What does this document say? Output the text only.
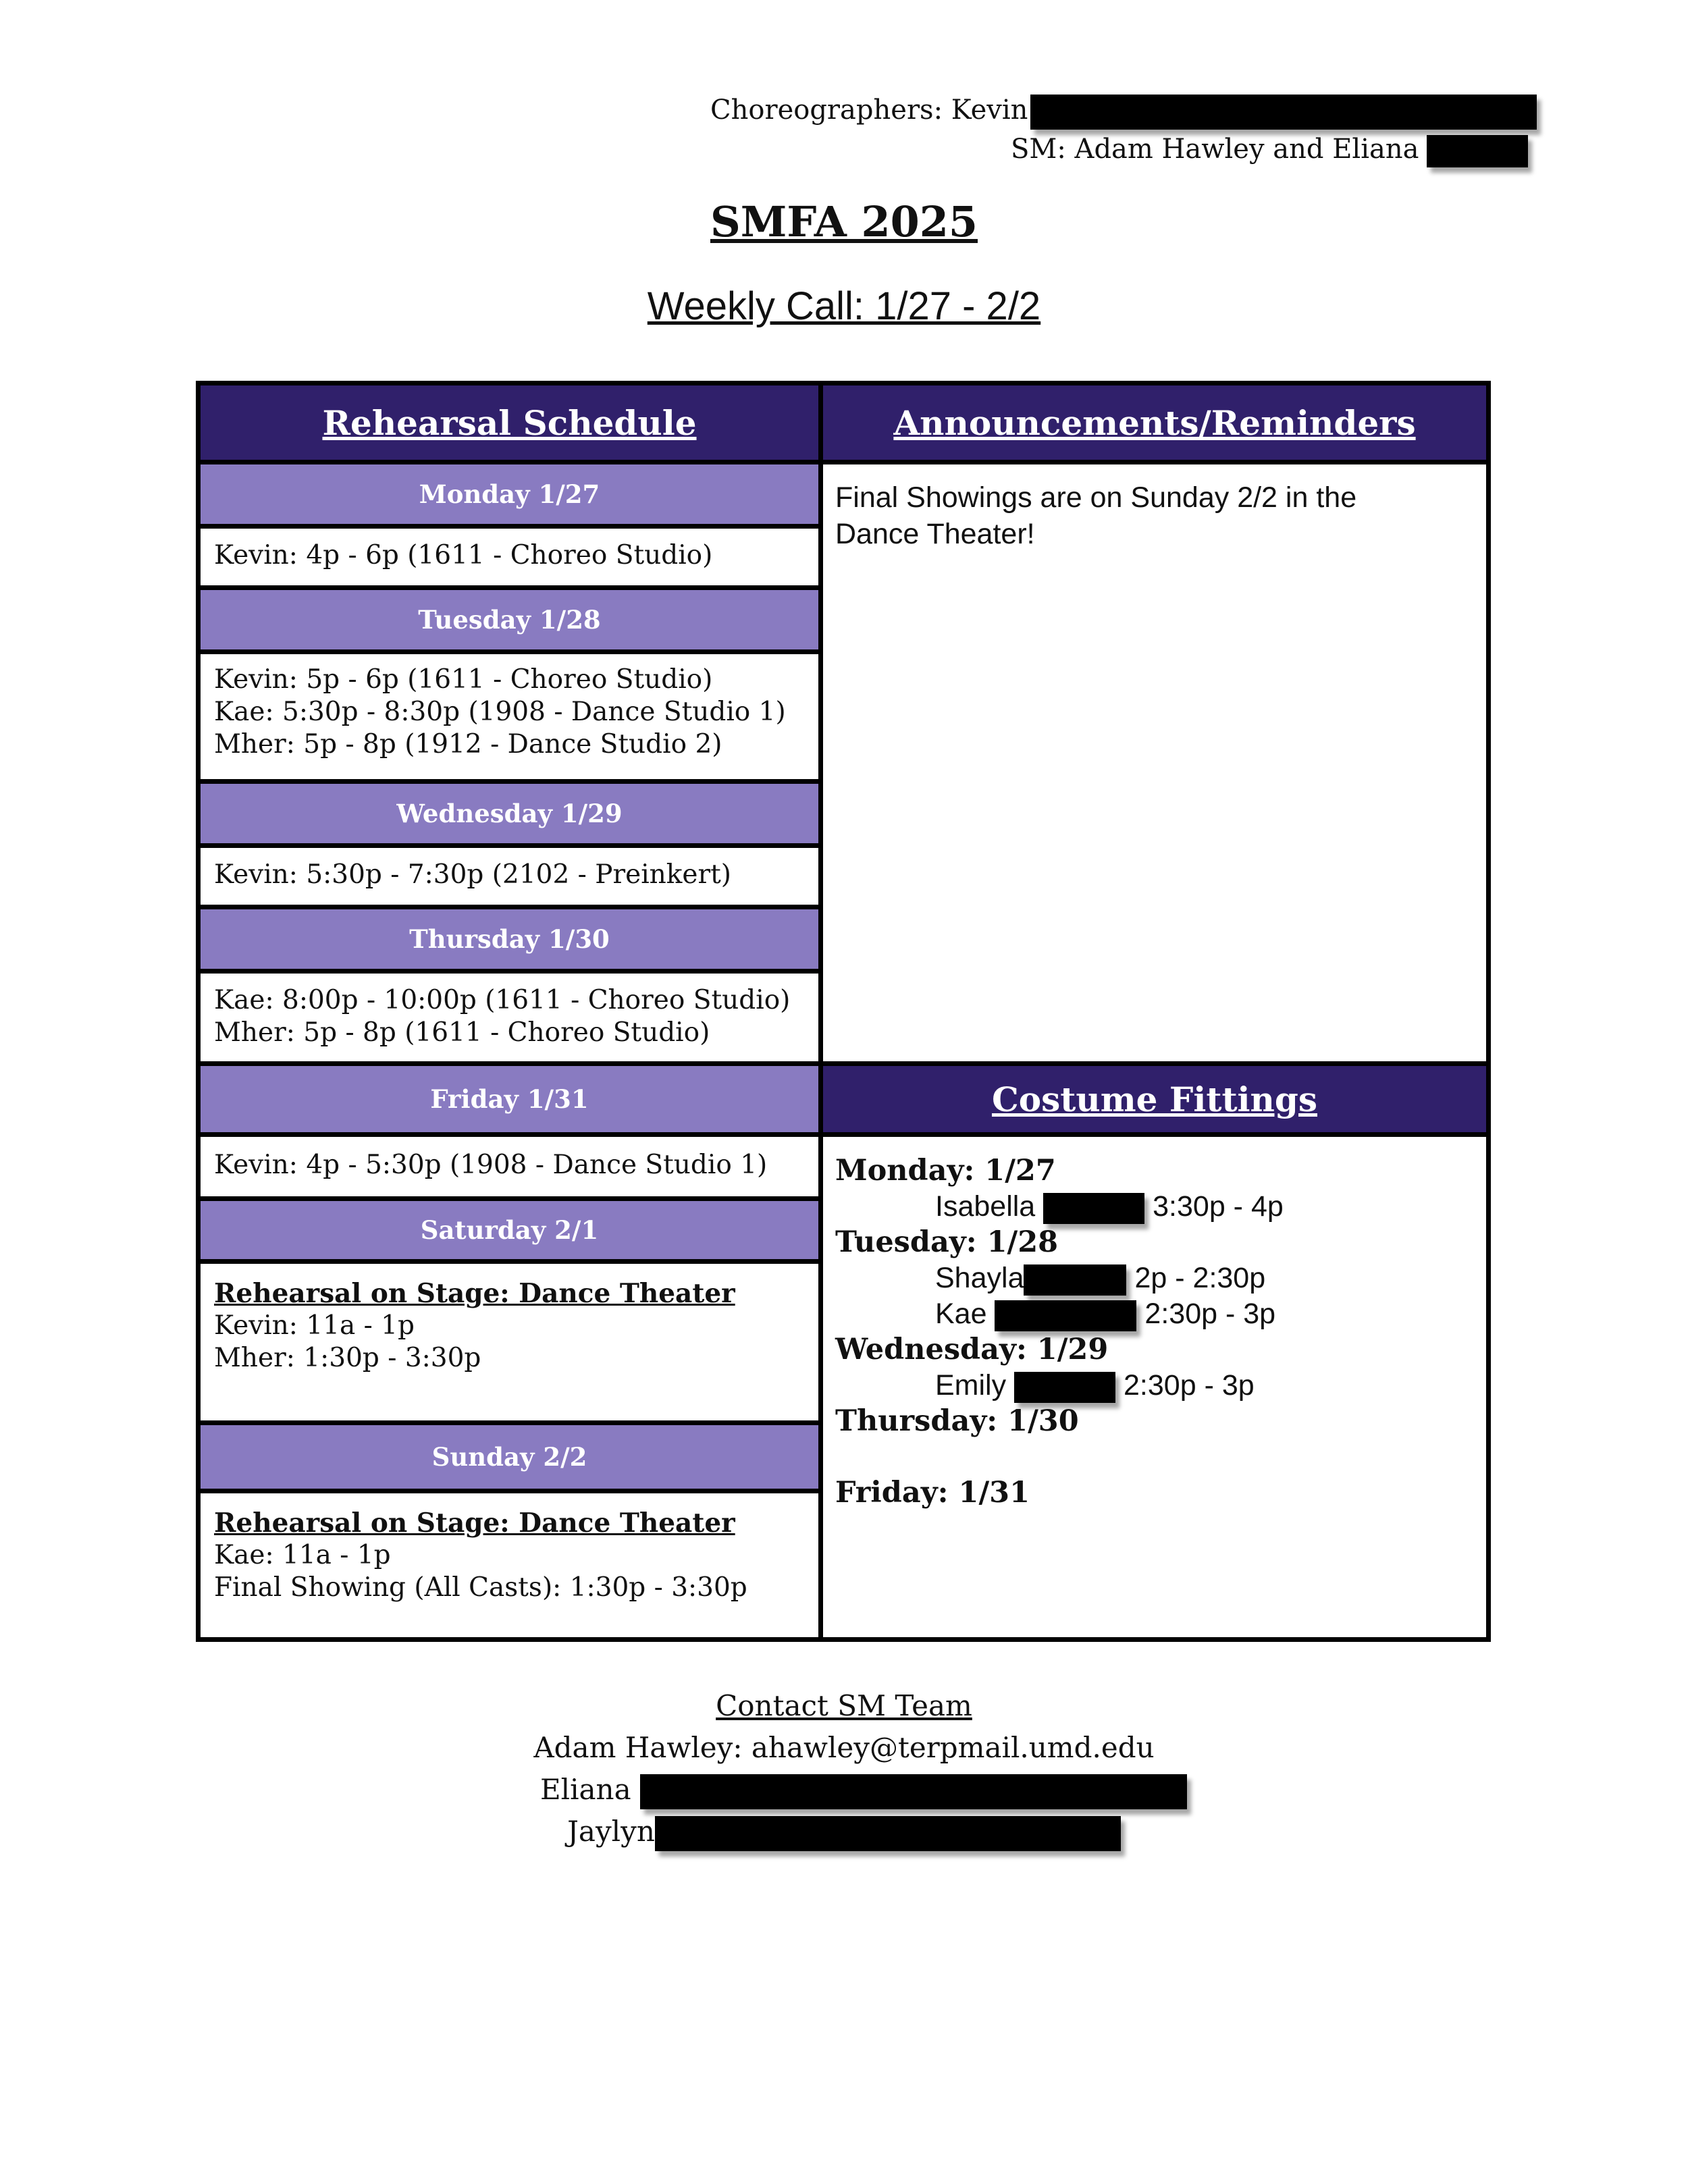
Choreographers: Kevin
SM: Adam Hawley and Eliana
SMFA 2025
Weekly Call: 1/27 - 2/2
Rehearsal Schedule
Monday 1/27
Kevin: 4p - 6p (1611 - Choreo Studio)
Tuesday 1/28
Kevin: 5p - 6p (1611 - Choreo Studio)
Kae: 5:30p - 8:30p (1908 - Dance Studio 1)
Mher: 5p - 8p (1912 - Dance Studio 2)
Wednesday 1/29
Kevin: 5:30p - 7:30p (2102 - Preinkert)
Thursday 1/30
Kae: 8:00p - 10:00p (1611 - Choreo Studio)
Mher: 5p - 8p (1611 - Choreo Studio)
Friday 1/31
Kevin: 4p - 5:30p (1908 - Dance Studio 1)
Saturday 2/1
Rehearsal on Stage: Dance Theater
Kevin: 11a - 1p
Mher: 1:30p - 3:30p
Sunday 2/2
Rehearsal on Stage: Dance Theater
Kae: 11a - 1p
Final Showing (All Casts): 1:30p - 3:30p
Announcements/Reminders
Final Showings are on Sunday 2/2 in the
Dance Theater!
Costume Fittings
Monday: 1/27
Isabella	3:30p - 4p
Tuesday: 1/28
Shayla	2p - 2:30p
Kae	2:30p - 3p
Wednesday: 1/29
Emily	2:30p - 3p
Thursday: 1/30
Friday: 1/31
Contact SM Team
Adam Hawley: ahawley@terpmail.umd.edu
Eliana
Jaylyn
